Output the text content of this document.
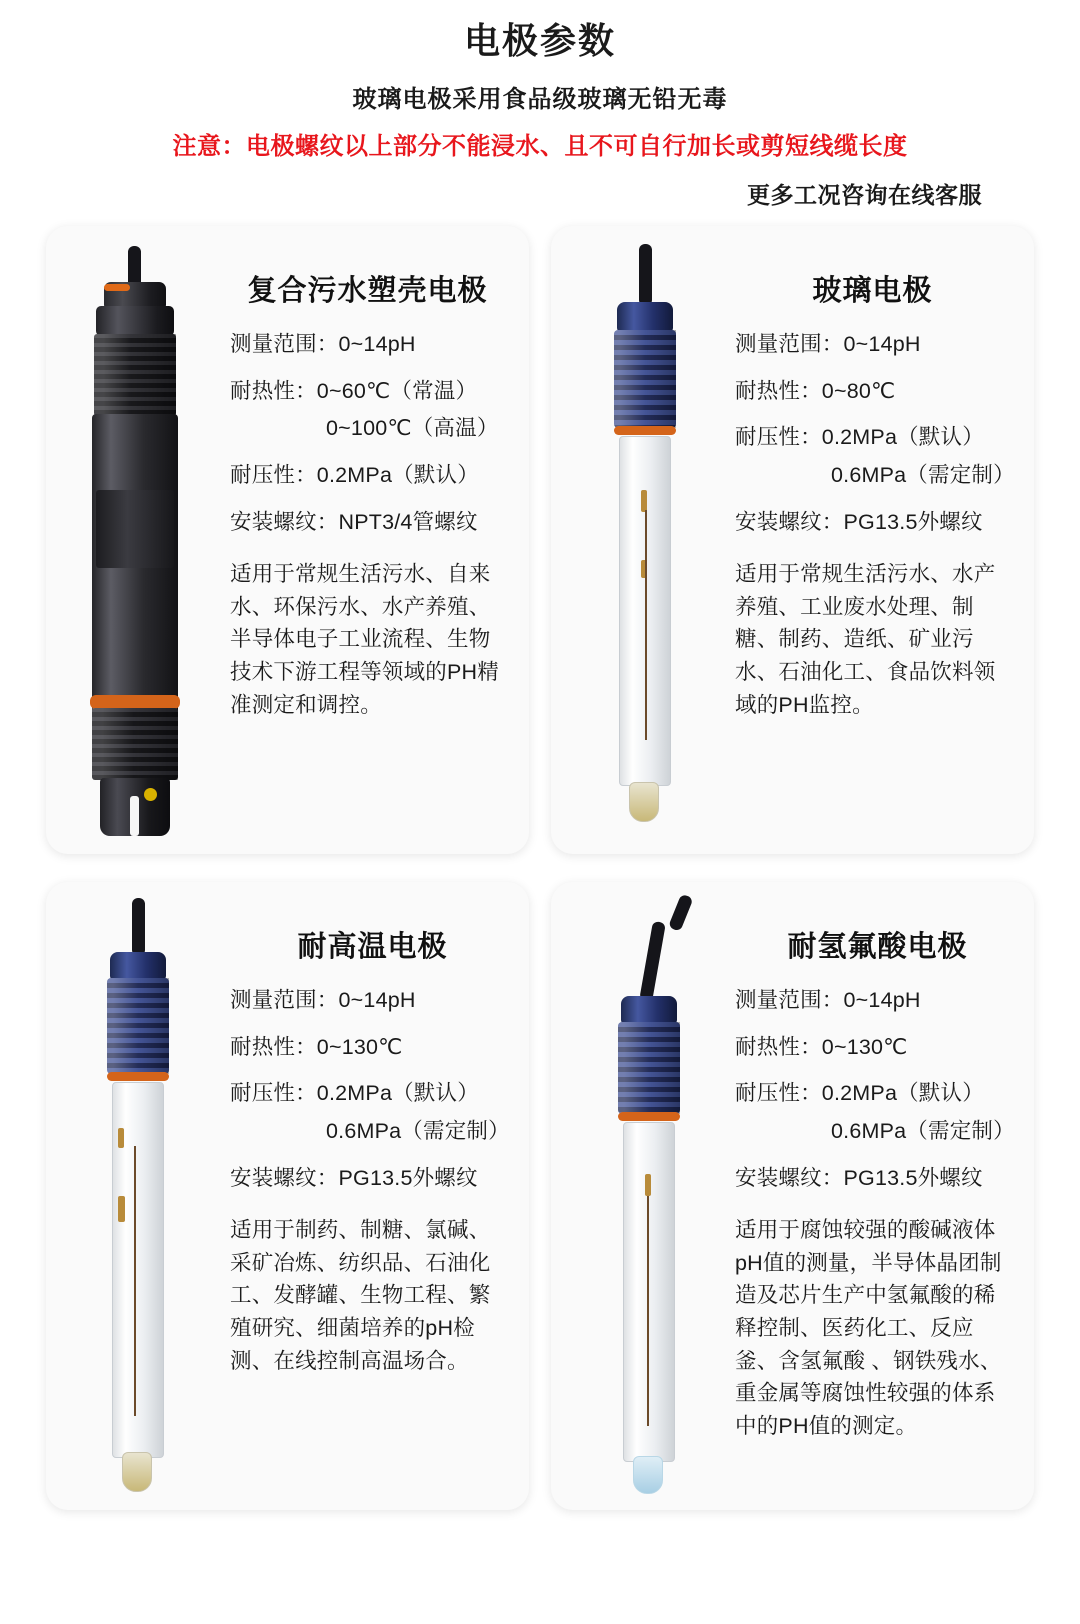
电极参数
玻璃电极采用食品级玻璃无铅无毒
注意：电极螺纹以上部分不能浸水、且不可自行加长或剪短线缆长度
更多工况咨询在线客服
复合污水塑壳电极
测量范围：0~14pH
耐热性：0~60℃（常温）
0~100℃（高温）
耐压性：0.2MPa（默认）
安装螺纹：NPT3/4管螺纹
适用于常规生活污水、自来水、环保污水、水产养殖、半导体电子工业流程、生物技术下游工程等领域的PH精准测定和调控。
玻璃电极
测量范围：0~14pH
耐热性：0~80℃
耐压性：0.2MPa（默认）
0.6MPa（需定制）
安装螺纹：PG13.5外螺纹
适用于常规生活污水、水产养殖、工业废水处理、制糖、制药、造纸、矿业污水、石油化工、食品饮料领域的PH监控。
耐高温电极
测量范围：0~14pH
耐热性：0~130℃
耐压性：0.2MPa（默认）
0.6MPa（需定制）
安装螺纹：PG13.5外螺纹
适用于制药、制糖、氯碱、采矿冶炼、纺织品、石油化工、发酵罐、生物工程、繁殖研究、细菌培养的pH检测、在线控制高温场合。
耐氢氟酸电极
测量范围：0~14pH
耐热性：0~130℃
耐压性：0.2MPa（默认）
0.6MPa（需定制）
安装螺纹：PG13.5外螺纹
适用于腐蚀较强的酸碱液体pH值的测量，半导体晶团制造及芯片生产中氢氟酸的稀释控制、医药化工、反应釜、含氢氟酸 、钢铁残水、重金属等腐蚀性较强的体系中的PH值的测定。
